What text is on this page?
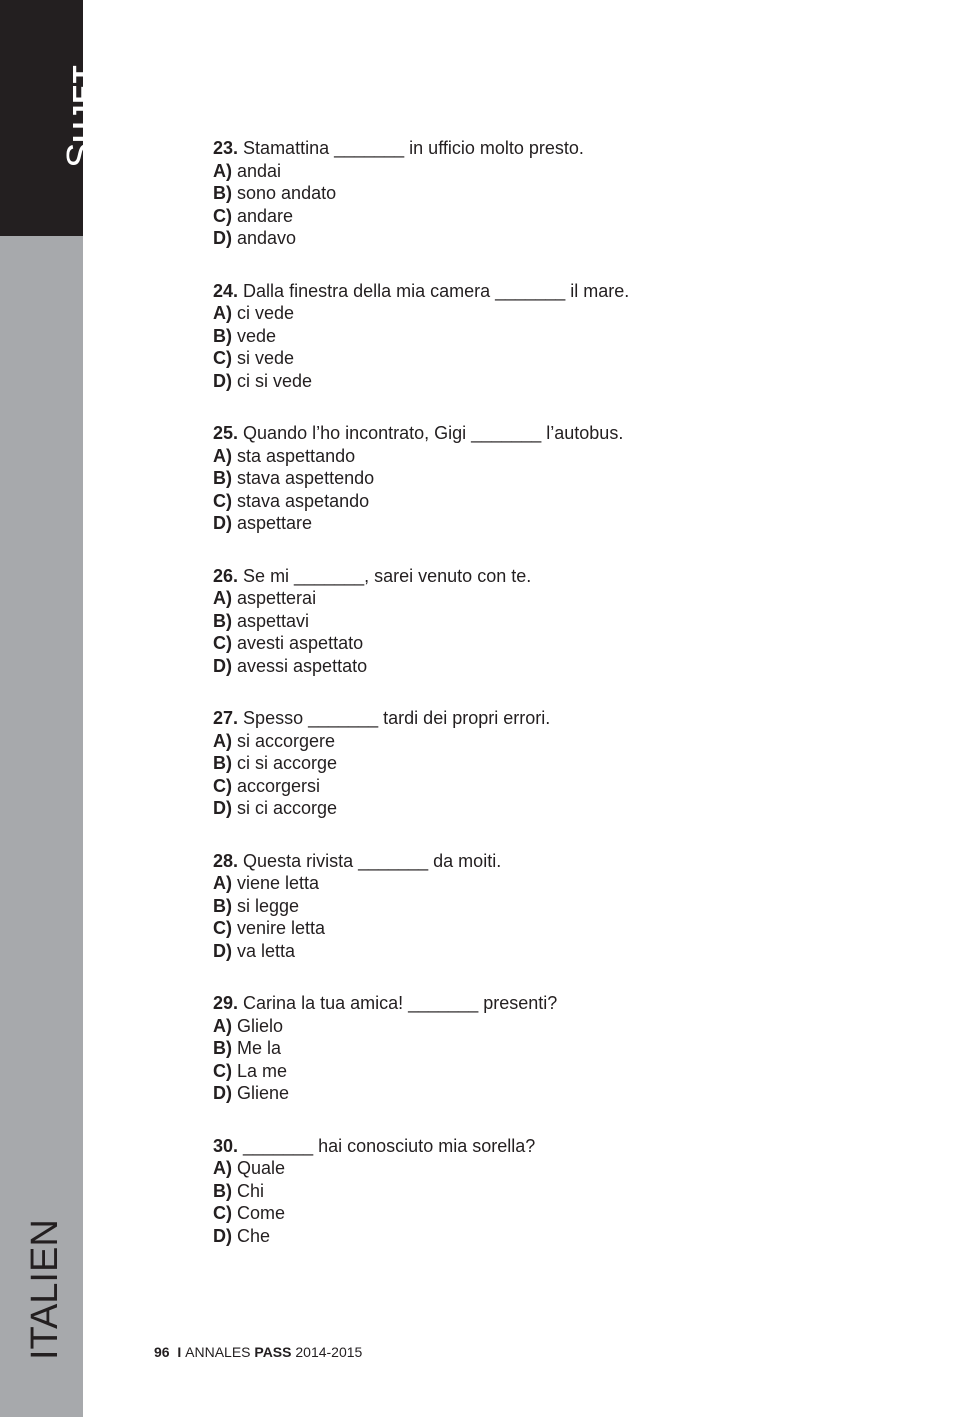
SUJET
ITALIEN
23. Stamattina _______ in ufficio molto presto.
A) andai
B) sono andato
C) andare
D) andavo
24. Dalla finestra della mia camera _______ il mare.
A) ci vede
B) vede
C) si vede
D) ci si vede
25. Quando l’ho incontrato, Gigi _______ l’autobus.
A) sta aspettando
B) stava aspettendo
C) stava aspetando
D) aspettare
26. Se mi _______, sarei venuto con te.
A) aspetterai
B) aspettavi
C) avesti aspettato
D) avessi aspettato
27. Spesso _______ tardi dei propri errori.
A) si accorgere
B) ci si accorge
C) accorgersi
D) si ci accorge
28. Questa rivista _______ da moiti.
A) viene letta
B) si legge
C) venire letta
D) va letta
29. Carina la tua amica! _______ presenti?
A) Glielo
B) Me la
C) La me
D) Gliene
30. _______ hai conosciuto mia sorella?
A) Quale
B) Chi
C) Come
D) Che
96 I ANNALES PASS 2014-2015
